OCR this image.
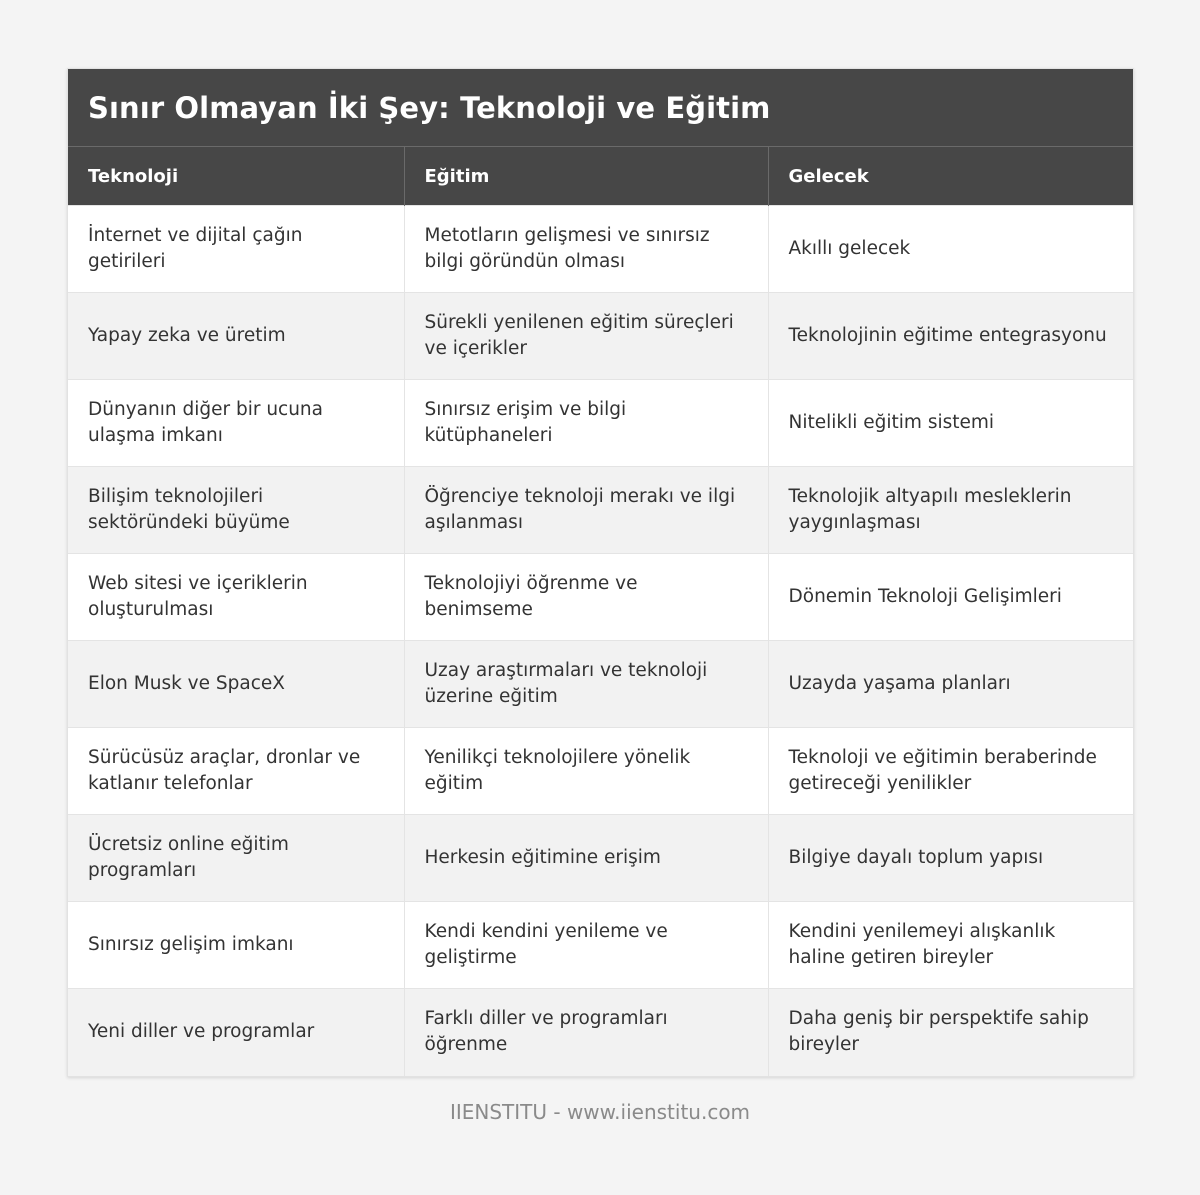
Sınır Olmayan İki Şey: Teknoloji ve Eğitim
Teknoloji	Eğitim	Gelecek
İnternet ve dijital çağın getirileri	Metotların gelişmesi ve sınırsız bilgi göründün olması	Akıllı gelecek
Yapay zeka ve üretim	Sürekli yenilenen eğitim süreçleri ve içerikler	Teknolojinin eğitime entegrasyonu
Dünyanın diğer bir ucuna ulaşma imkanı	Sınırsız erişim ve bilgi kütüphaneleri	Nitelikli eğitim sistemi
Bilişim teknolojileri sektöründeki büyüme	Öğrenciye teknoloji merakı ve ilgi aşılanması	Teknolojik altyapılı mesleklerin yaygınlaşması
Web sitesi ve içeriklerin oluşturulması	Teknolojiyi öğrenme ve benimseme	Dönemin Teknoloji Gelişimleri
Elon Musk ve SpaceX	Uzay araştırmaları ve teknoloji üzerine eğitim	Uzayda yaşama planları
Sürücüsüz araçlar, dronlar ve katlanır telefonlar	Yenilikçi teknolojilere yönelik eğitim	Teknoloji ve eğitimin beraberinde getireceği yenilikler
Ücretsiz online eğitim programları	Herkesin eğitimine erişim	Bilgiye dayalı toplum yapısı
Sınırsız gelişim imkanı	Kendi kendini yenileme ve geliştirme	Kendini yenilemeyi alışkanlık haline getiren bireyler
Yeni diller ve programlar	Farklı diller ve programları öğrenme	Daha geniş bir perspektife sahip bireyler
IIENSTITU - www.iienstitu.com
